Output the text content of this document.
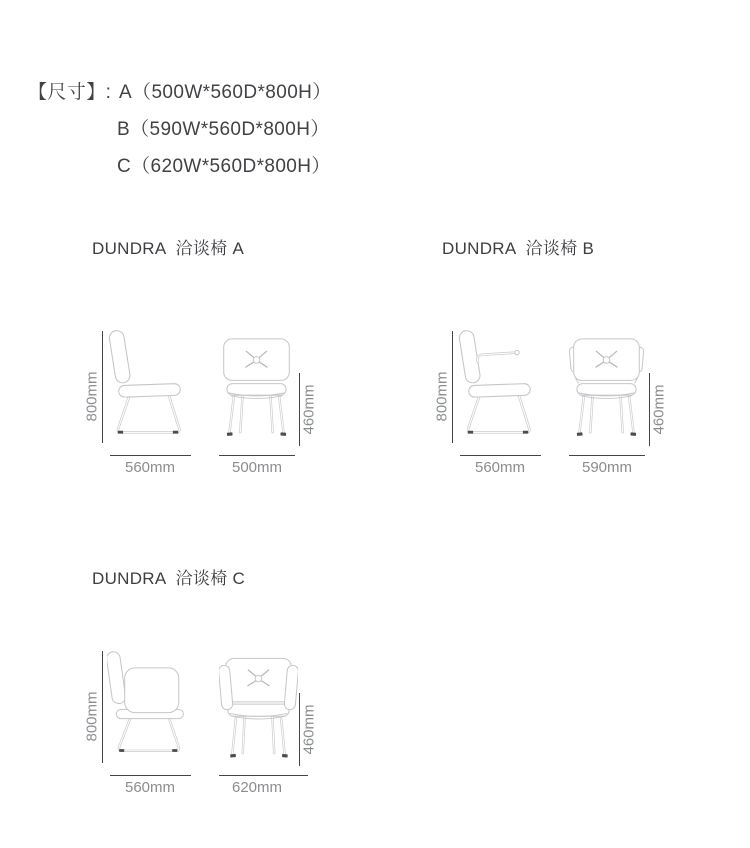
【尺寸】: A（500W*560D*800H）
B（590W*560D*800H）
C（620W*560D*800H）
DUNDRA  洽谈椅 A
800mm
560mm
460mm
500mm
DUNDRA  洽谈椅 B
800mm
560mm
460mm
590mm
DUNDRA  洽谈椅 C
800mm
560mm
460mm
620mm
